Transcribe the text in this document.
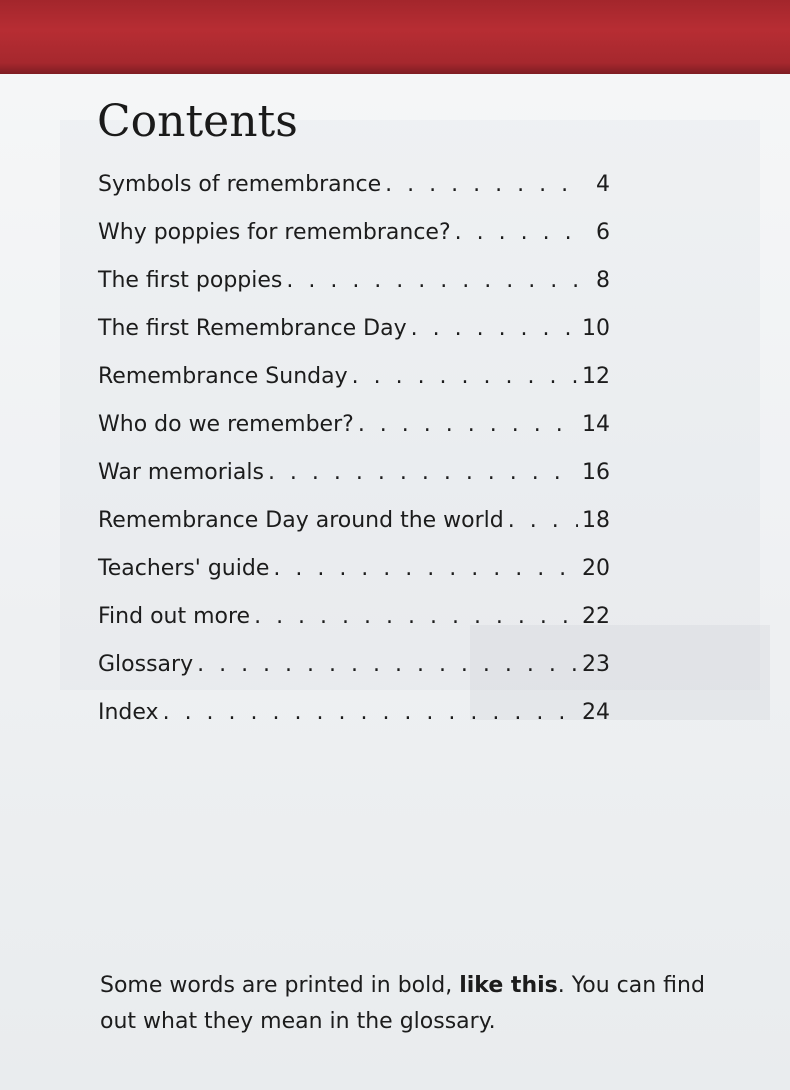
Contents
Symbols of remembrance . . .	4
Why poppies for remembrance? . . .	6
The first poppies . . .	8
The first Remembrance Day . . .	10
Remembrance Sunday . . .	12
Who do we remember? . . .	14
War memorials . . .	16
Remembrance Day around the world . . .	18
Teachers' guide . . .	20
Find out more . . .	22
Glossary . . .	23
Index . . .	24

Some words are printed in bold, like this. You can find out what they mean in the glossary.
